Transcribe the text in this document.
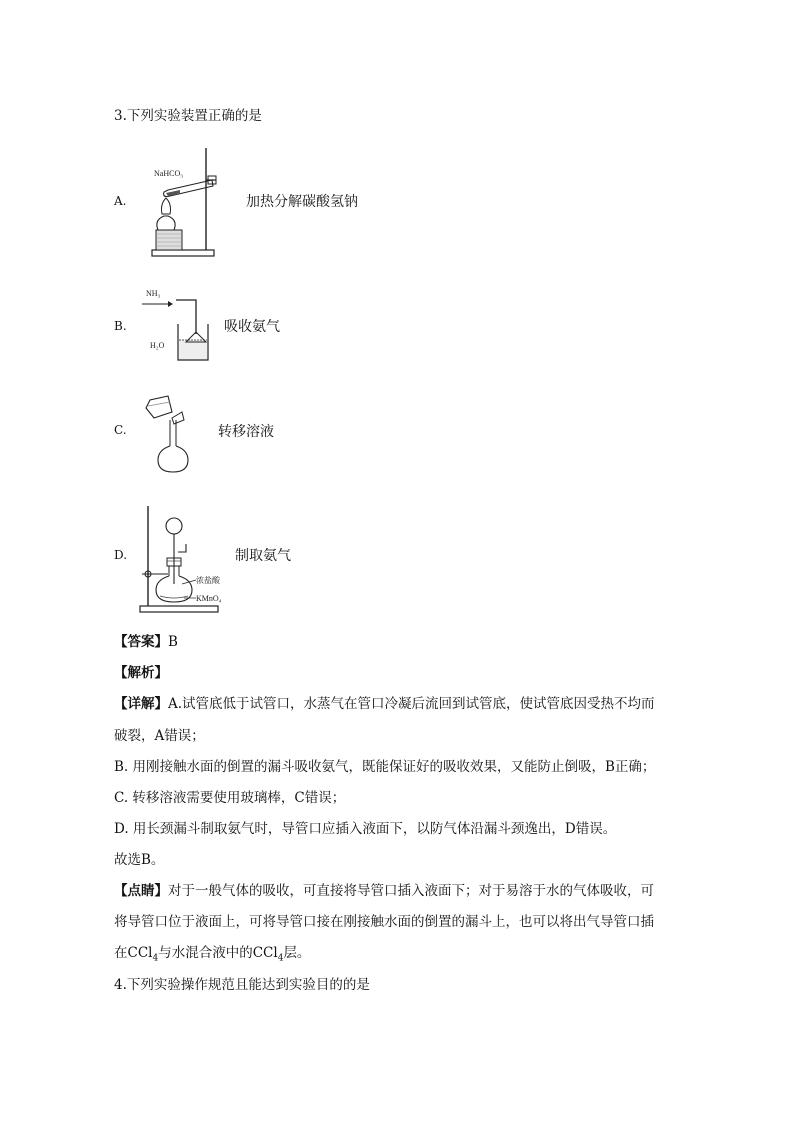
3.下列实验装置正确的是
A.
NaHCO₃
加热分解碳酸氢钠
B.
NH₃
H₂O
吸收氨气
C.	转移溶液
D.
浓盐酸
KMnO₄
制取氨气
【答案】B
【解析】
【详解】A.试管底低于试管口，水蒸气在管口冷凝后流回到试管底，使试管底因受热不均而
破裂，A错误；
B. 用刚接触水面的倒置的漏斗吸收氨气，既能保证好的吸收效果，又能防止倒吸，B正确；
C. 转移溶液需要使用玻璃棒，C错误；
D. 用长颈漏斗制取氨气时，导管口应插入液面下，以防气体沿漏斗颈逸出，D错误。
故选B。
【点睛】对于一般气体的吸收，可直接将导管口插入液面下；对于易溶于水的气体吸收，可
将导管口位于液面上，可将导管口接在刚接触水面的倒置的漏斗上，也可以将出气导管口插
在CCl$_4$与水混合液中的CCl$_4$层。
4.下列实验操作规范且能达到实验目的的是
